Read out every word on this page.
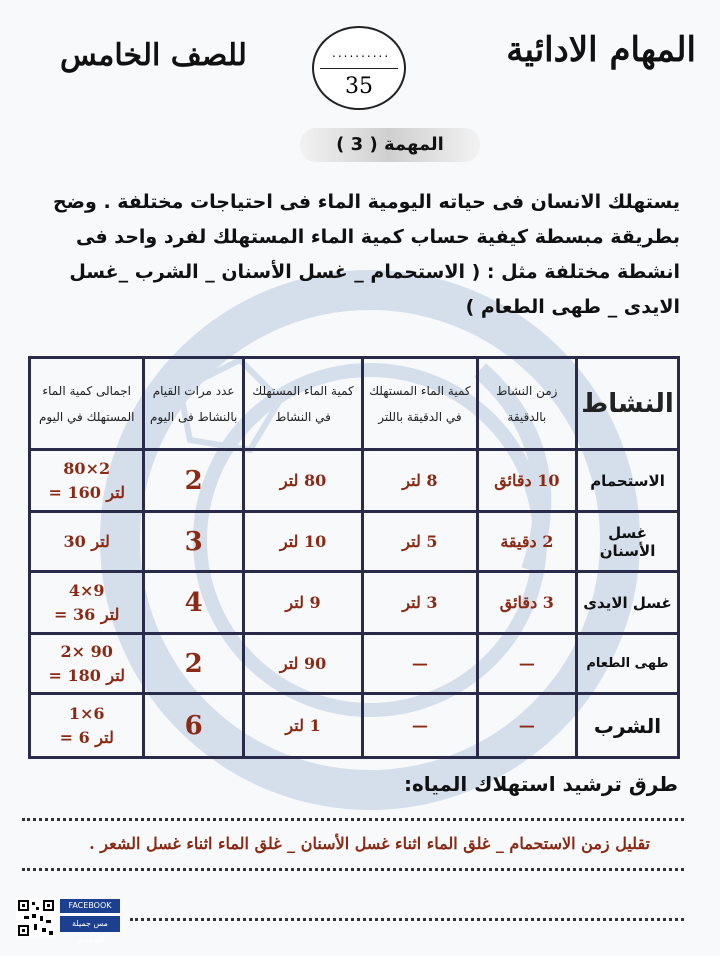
المهام الادائية
للصف الخامس	..........
35
المهمة ( 3 )
يستهلك الانسان فى حياته اليومية الماء فى احتياجات مختلفة . وضح
بطريقة مبسطة كيفية حساب كمية الماء المستهلك لفرد واحد فى
انشطة مختلفة مثل : ( الاستحمام _ غسل الأسنان _ الشرب _غسل
الايدى _ طهى الطعام )
النشاط	زمن النشاط بالدقيقة	كمية الماء المستهلك في الدقيقة باللتر	كمية الماء المستهلك في النشاط	عدد مرات القيام بالنشاط فى اليوم	اجمالى كمية الماء المستهلك في اليوم
الاستحمام	10 دقائق	8 لتر	80 لتر	2	80×2
= 160 لتر

غسل الأسنان	2 دقيقة	5 لتر	10 لتر	3	30 لتر

غسل الايدى	3 دقائق	3 لتر	9 لتر	4	4×9
= 36 لتر

طهى الطعام	—	—	90 لتر	2	2× 90
= 180 لتر

الشرب	—	—	1 لتر	6	1×6
= 6 لتر
طرق ترشيد استهلاك المياه:
تقليل زمن الاستحمام _ غلق الماء اثناء غسل الأسنان _ غلق الماء اثناء غسل الشعر .
FACEBOOK
مس جميلة الصعيدي
